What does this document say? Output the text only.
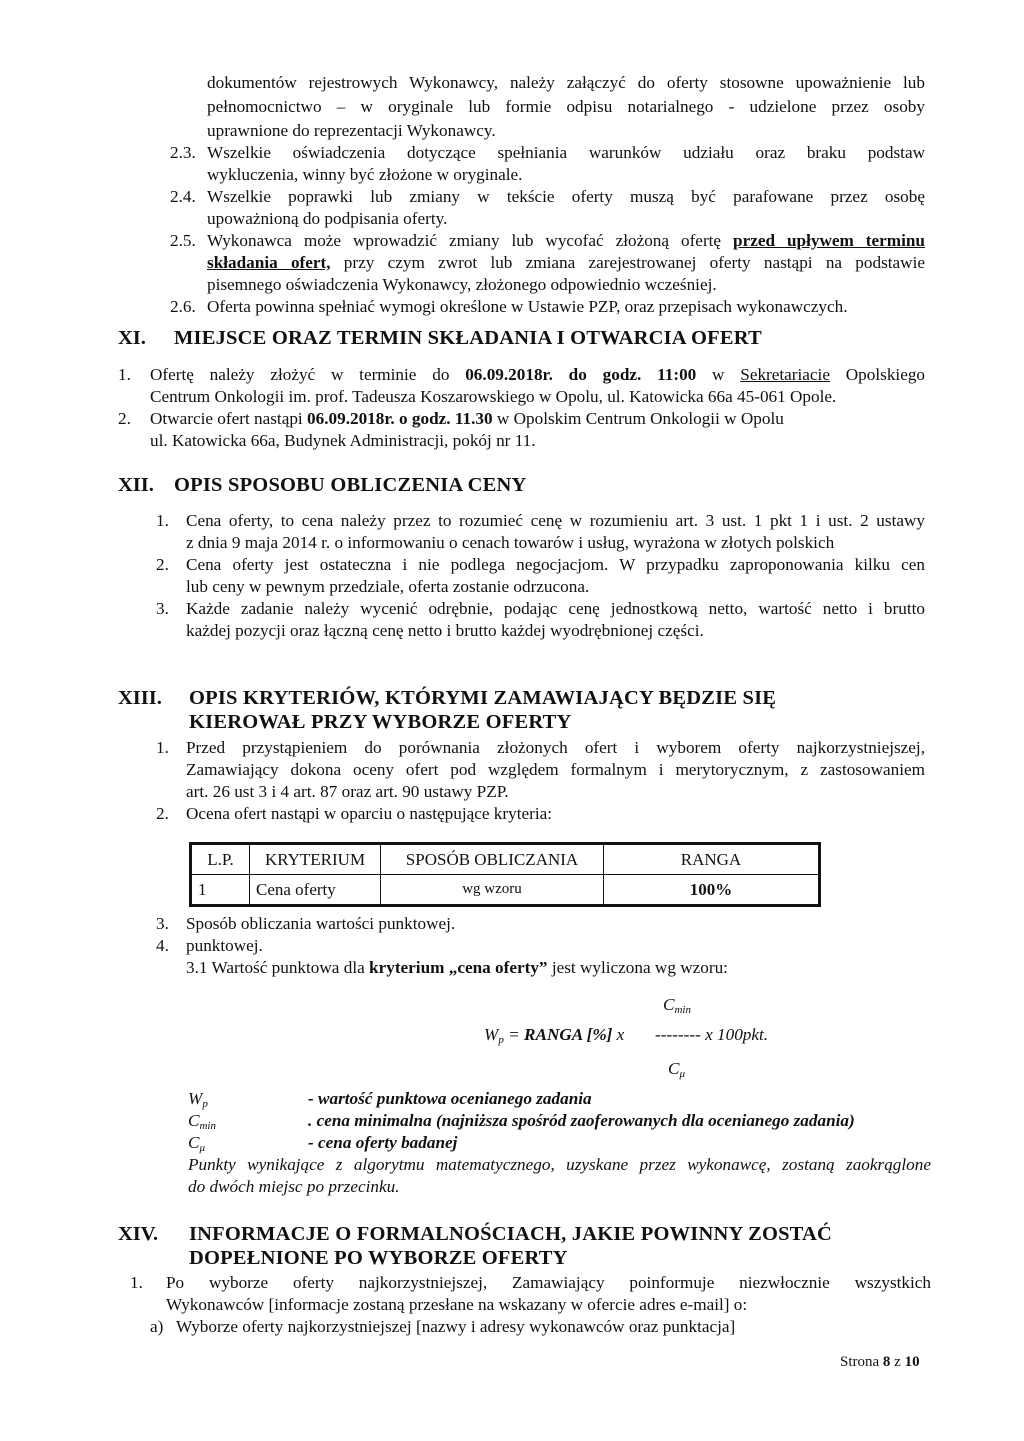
dokumentów rejestrowych Wykonawcy, należy załączyć do oferty stosowne upoważnienie lub
pełnomocnictwo – w oryginale lub formie odpisu notarialnego - udzielone przez osoby
uprawnione do reprezentacji Wykonawcy.
2.3. Wszelkie oświadczenia dotyczące spełniania warunków udziału oraz braku podstaw
wykluczenia, winny być złożone w oryginale.
2.4. Wszelkie poprawki lub zmiany w tekście oferty muszą być parafowane przez osobę
upoważnioną do podpisania oferty.
2.5. Wykonawca może wprowadzić zmiany lub wycofać złożoną ofertę przed upływem terminu
składania ofert, przy czym zwrot lub zmiana zarejestrowanej oferty nastąpi na podstawie
pisemnego oświadczenia Wykonawcy, złożonego odpowiednio wcześniej.
2.6. Oferta powinna spełniać wymogi określone w Ustawie PZP, oraz przepisach wykonawczych.
XI. MIEJSCE ORAZ TERMIN SKŁADANIA I OTWARCIA OFERT
1. Ofertę należy złożyć w terminie do 06.09.2018r. do godz. 11:00 w Sekretariacie Opolskiego
Centrum Onkologii im. prof. Tadeusza Koszarowskiego w Opolu, ul. Katowicka 66a 45-061 Opole.
2. Otwarcie ofert nastąpi 06.09.2018r. o godz. 11.30 w Opolskim Centrum Onkologii w Opolu
ul. Katowicka 66a, Budynek Administracji, pokój nr 11.
XII. OPIS SPOSOBU OBLICZENIA CENY
1. Cena oferty, to cena należy przez to rozumieć cenę w rozumieniu art. 3 ust. 1 pkt 1 i ust. 2 ustawy
z dnia 9 maja 2014 r. o informowaniu o cenach towarów i usług, wyrażona w złotych polskich
2. Cena oferty jest ostateczna i nie podlega negocjacjom. W przypadku zaproponowania kilku cen
lub ceny w pewnym przedziale, oferta zostanie odrzucona.
3. Każde zadanie należy wycenić odrębnie, podając cenę jednostkową netto, wartość netto i brutto
każdej pozycji oraz łączną cenę netto i brutto każdej wyodrębnionej części.
XIII. OPIS KRYTERIÓW, KTÓRYMI ZAMAWIAJĄCY BĘDZIE SIĘ
KIEROWAŁ PRZY WYBORZE OFERTY
1. Przed przystąpieniem do porównania złożonych ofert i wyborem oferty najkorzystniejszej,
Zamawiający dokona oceny ofert pod względem formalnym i merytorycznym, z zastosowaniem
art. 26 ust 3 i 4 art. 87 oraz art. 90 ustawy PZP.
2. Ocena ofert nastąpi w oparciu o następujące kryteria:
L.P.	KRYTERIUM	SPOSÓB OBLICZANIA	RANGA
1	Cena oferty	wg wzoru	100%
3. Sposób obliczania wartości punktowej.
4. punktowej.
3.1 Wartość punktowa dla kryterium „cena oferty” jest wyliczona wg wzoru:
$C_{min}$
$W_p$ = RANGA [%] x -------- x 100pkt.
$C_\mu$
$W_p$	- wartość punktowa ocenianego zadania
$C_{min}$	. cena minimalna (najniższa spośród zaoferowanych dla ocenianego zadania)
$C_\mu$	- cena oferty badanej
Punkty wynikające z algorytmu matematycznego, uzyskane przez wykonawcę, zostaną zaokrąglone
do dwóch miejsc po przecinku.
XIV. INFORMACJE O FORMALNOŚCIACH, JAKIE POWINNY ZOSTAĆ
DOPEŁNIONE PO WYBORZE OFERTY
1. Po wyborze oferty najkorzystniejszej, Zamawiający poinformuje niezwłocznie wszystkich
Wykonawców [informacje zostaną przesłane na wskazany w ofercie adres e-mail] o:
a) Wyborze oferty najkorzystniejszej [nazwy i adresy wykonawców oraz punktacja]
Strona 8 z 10
